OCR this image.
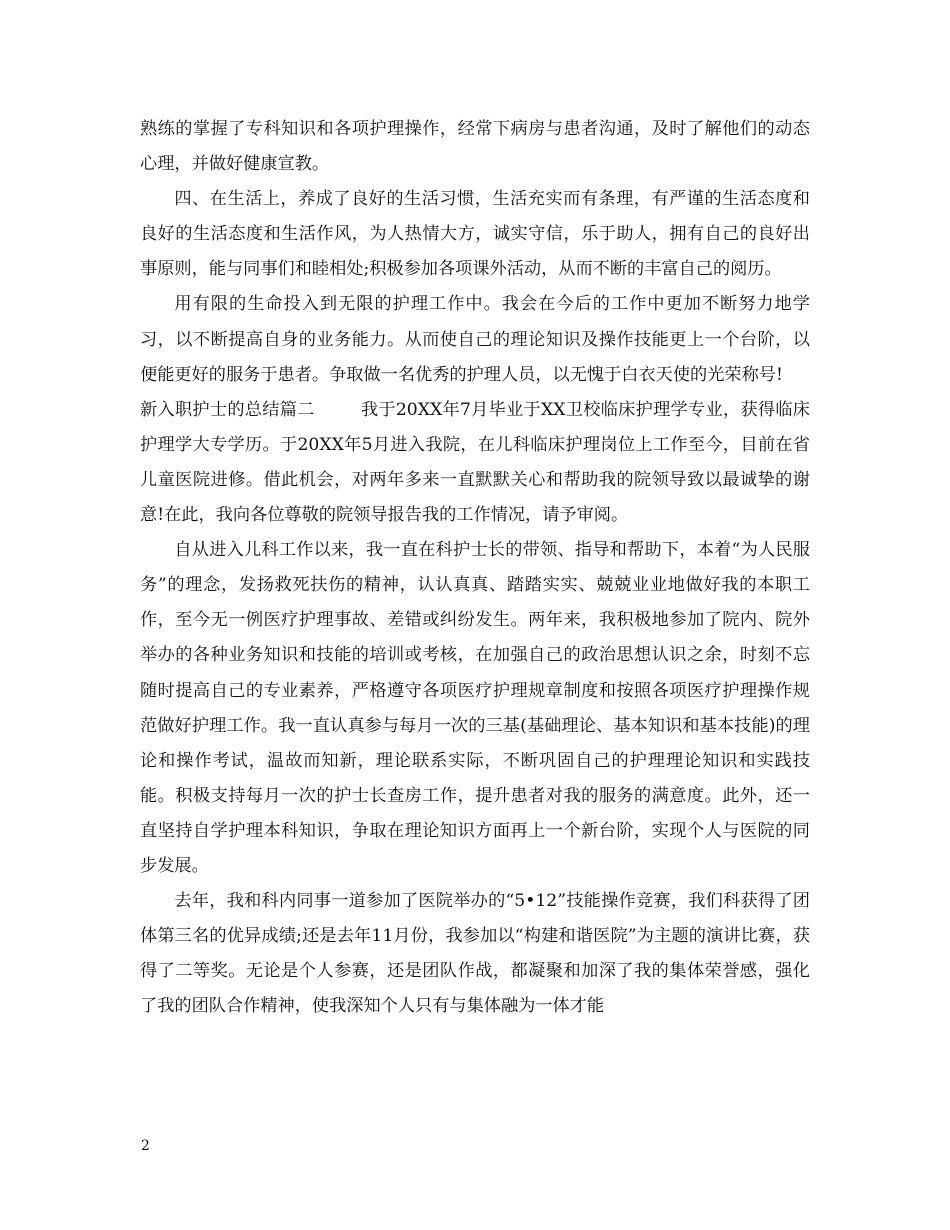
熟练的掌握了专科知识和各项护理操作，经常下病房与患者沟通，及时了解他们的动态心理，并做好健康宣教。

四、在生活上，养成了良好的生活习惯，生活充实而有条理，有严谨的生活态度和良好的生活态度和生活作风，为人热情大方，诚实守信，乐于助人，拥有自己的良好出事原则，能与同事们和睦相处;积极参加各项课外活动，从而不断的丰富自己的阅历。

用有限的生命投入到无限的护理工作中。我会在今后的工作中更加不断努力地学习，以不断提高自身的业务能力。从而使自己的理论知识及操作技能更上一个台阶，以便能更好的服务于患者。争取做一名优秀的护理人员，以无愧于白衣天使的光荣称号!

新入职护士的总结篇二	我于20XX年7月毕业于XX卫校临床护理学专业，获得临床护理学大专学历。于20XX年5月进入我院，在儿科临床护理岗位上工作至今，目前在省儿童医院进修。借此机会，对两年多来一直默默关心和帮助我的院领导致以最诚挚的谢意!在此，我向各位尊敬的院领导报告我的工作情况，请予审阅。

自从进入儿科工作以来，我一直在科护士长的带领、指导和帮助下，本着“为人民服务”的理念，发扬救死扶伤的精神，认认真真、踏踏实实、兢兢业业地做好我的本职工作，至今无一例医疗护理事故、差错或纠纷发生。两年来，我积极地参加了院内、院外举办的各种业务知识和技能的培训或考核，在加强自己的政治思想认识之余，时刻不忘随时提高自己的专业素养，严格遵守各项医疗护理规章制度和按照各项医疗护理操作规范做好护理工作。我一直认真参与每月一次的三基(基础理论、基本知识和基本技能)的理论和操作考试，温故而知新，理论联系实际，不断巩固自己的护理理论知识和实践技能。积极支持每月一次的护士长查房工作，提升患者对我的服务的满意度。此外，还一直坚持自学护理本科知识，争取在理论知识方面再上一个新台阶，实现个人与医院的同步发展。

去年，我和科内同事一道参加了医院举办的“5•12”技能操作竞赛，我们科获得了团体第三名的优异成绩;还是去年11月份，我参加以“构建和谐医院”为主题的演讲比赛，获得了二等奖。无论是个人参赛，还是团队作战，都凝聚和加深了我的集体荣誉感，强化了我的团队合作精神，使我深知个人只有与集体融为一体才能

2
